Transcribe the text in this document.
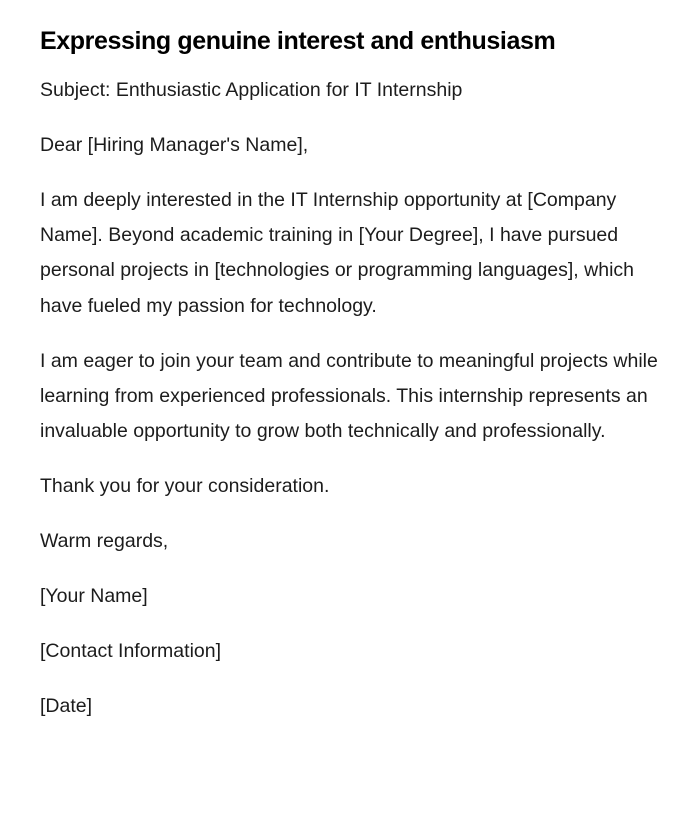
Expressing genuine interest and enthusiasm

Subject: Enthusiastic Application for IT Internship

Dear [Hiring Manager's Name],

I am deeply interested in the IT Internship opportunity at [Company Name]. Beyond academic training in [Your Degree], I have pursued personal projects in [technologies or programming languages], which have fueled my passion for technology.

I am eager to join your team and contribute to meaningful projects while learning from experienced professionals. This internship represents an invaluable opportunity to grow both technically and professionally.

Thank you for your consideration.

Warm regards,

[Your Name]

[Contact Information]

[Date]
